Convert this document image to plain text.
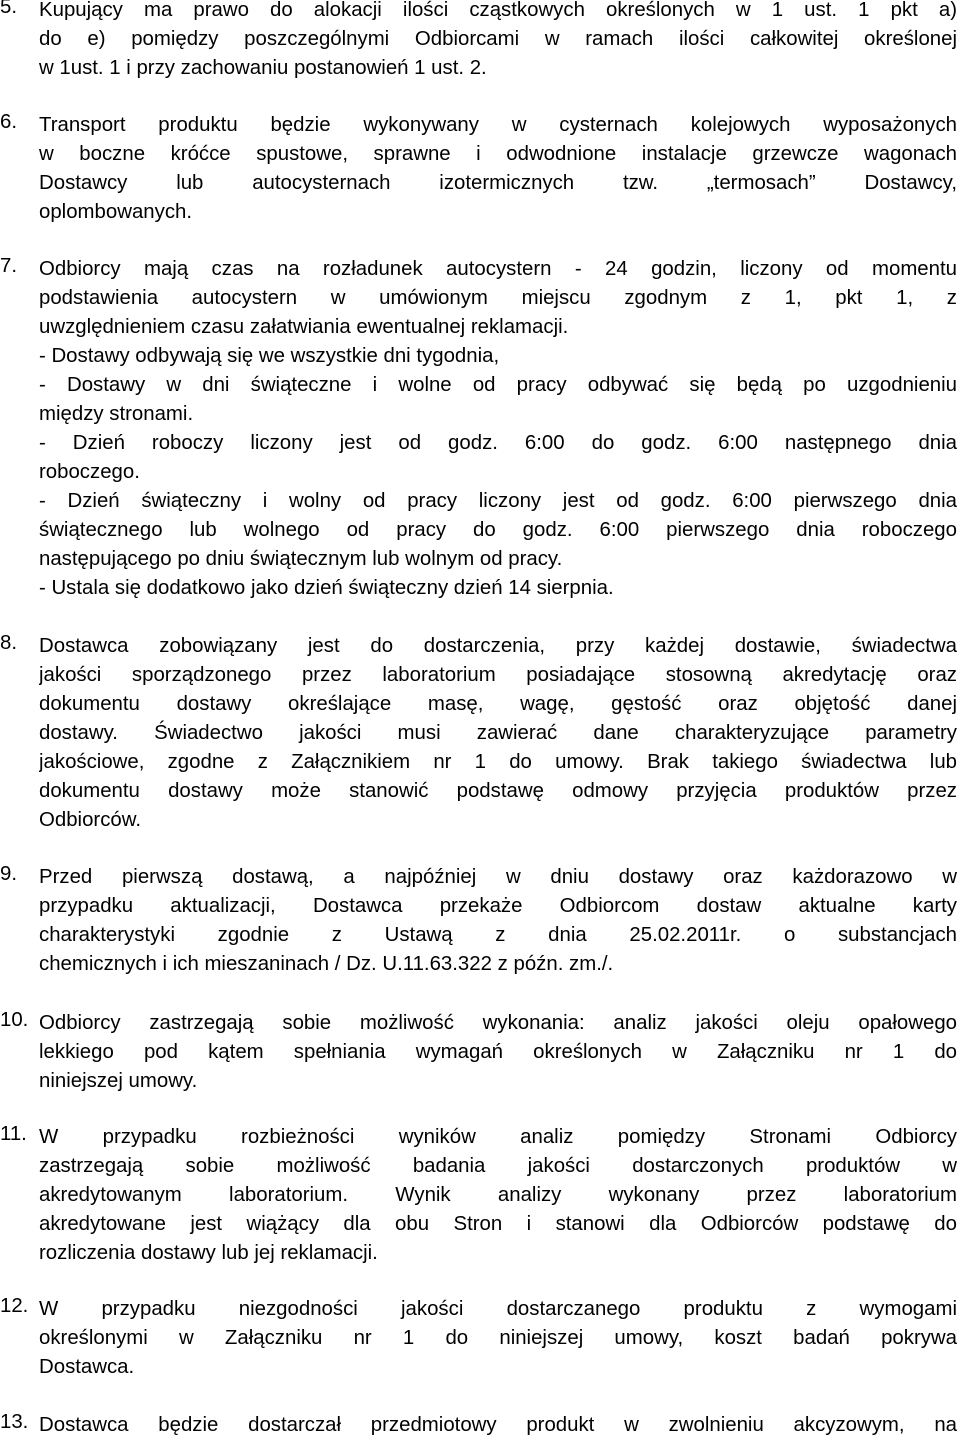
5. Kupujący ma prawo do alokacji ilości cząstkowych określonych w 1 ust. 1 pkt a)
do e) pomiędzy poszczególnymi Odbiorcami w ramach ilości całkowitej określonej
w 1ust. 1 i przy zachowaniu postanowień 1 ust. 2.
6. Transport produktu będzie wykonywany w cysternach kolejowych wyposażonych
w boczne króćce spustowe, sprawne i odwodnione instalacje grzewcze wagonach
Dostawcy lub autocysternach izotermicznych tzw. „termosach” Dostawcy,
oplombowanych.
7. Odbiorcy mają czas na rozładunek autocystern - 24 godzin, liczony od momentu
podstawienia autocystern w umówionym miejscu zgodnym z 1, pkt 1, z
uwzględnieniem czasu załatwiania ewentualnej reklamacji.
- Dostawy odbywają się we wszystkie dni tygodnia,
- Dostawy w dni świąteczne i wolne od pracy odbywać się będą po uzgodnieniu
między stronami.
- Dzień roboczy liczony jest od godz. 6:00 do godz. 6:00 następnego dnia
roboczego.
- Dzień świąteczny i wolny od pracy liczony jest od godz. 6:00 pierwszego dnia
świątecznego lub wolnego od pracy do godz. 6:00 pierwszego dnia roboczego
następującego po dniu świątecznym lub wolnym od pracy.
- Ustala się dodatkowo jako dzień świąteczny dzień 14 sierpnia.
8. Dostawca zobowiązany jest do dostarczenia, przy każdej dostawie, świadectwa
jakości sporządzonego przez laboratorium posiadające stosowną akredytację oraz
dokumentu dostawy określające masę, wagę, gęstość oraz objętość danej
dostawy. Świadectwo jakości musi zawierać dane charakteryzujące parametry
jakościowe, zgodne z Załącznikiem nr 1 do umowy. Brak takiego świadectwa lub
dokumentu dostawy może stanowić podstawę odmowy przyjęcia produktów przez
Odbiorców.
9. Przed pierwszą dostawą, a najpóźniej w dniu dostawy oraz każdorazowo w
przypadku aktualizacji, Dostawca przekaże Odbiorcom dostaw aktualne karty
charakterystyki zgodnie z Ustawą z dnia 25.02.2011r. o substancjach
chemicznych i ich mieszaninach / Dz. U.11.63.322 z późn. zm./.
10. Odbiorcy zastrzegają sobie możliwość wykonania: analiz jakości oleju opałowego
lekkiego pod kątem spełniania wymagań określonych w Załączniku nr 1 do
niniejszej umowy.
11. W przypadku rozbieżności wyników analiz pomiędzy Stronami Odbiorcy
zastrzegają sobie możliwość badania jakości dostarczonych produktów w
akredytowanym laboratorium. Wynik analizy wykonany przez laboratorium
akredytowane jest wiążący dla obu Stron i stanowi dla Odbiorców podstawę do
rozliczenia dostawy lub jej reklamacji.
12. W przypadku niezgodności jakości dostarczanego produktu z wymogami
określonymi w Załączniku nr 1 do niniejszej umowy, koszt badań pokrywa
Dostawca.
13. Dostawca będzie dostarczał przedmiotowy produkt w zwolnieniu akcyzowym, na
